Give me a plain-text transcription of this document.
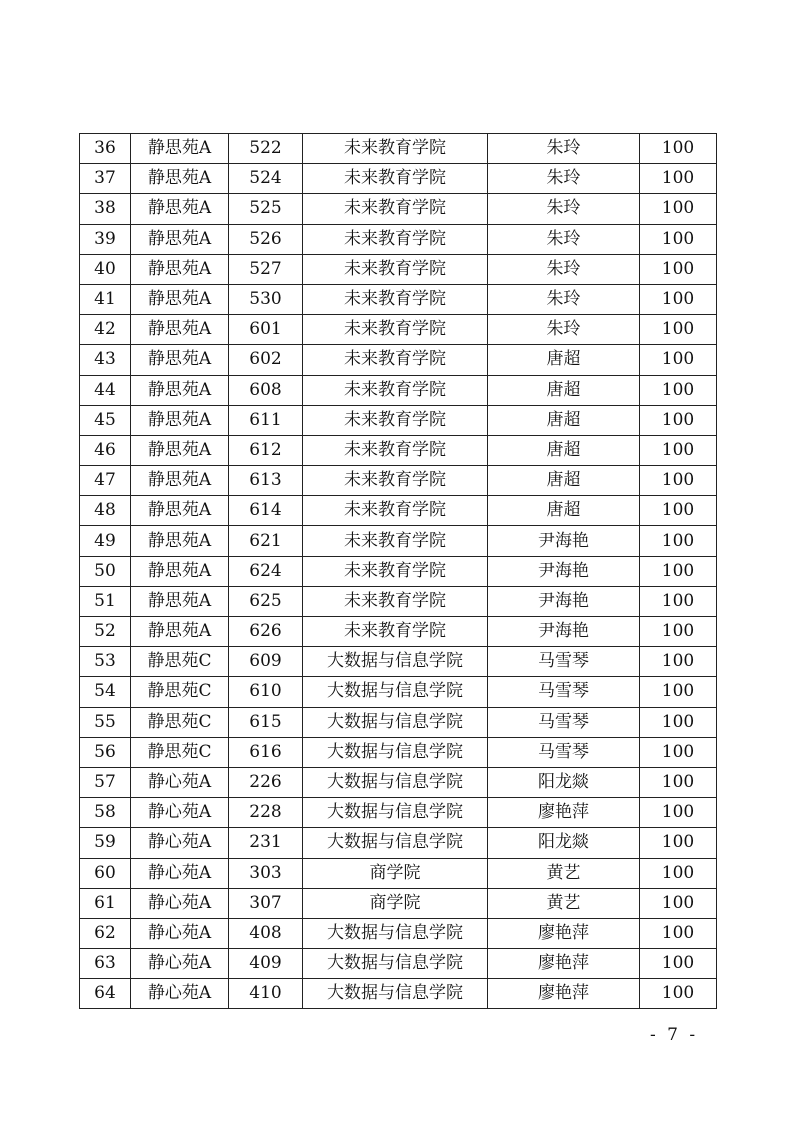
36	静思苑A	522	未来教育学院	朱玲	100
37	静思苑A	524	未来教育学院	朱玲	100
38	静思苑A	525	未来教育学院	朱玲	100
39	静思苑A	526	未来教育学院	朱玲	100
40	静思苑A	527	未来教育学院	朱玲	100
41	静思苑A	530	未来教育学院	朱玲	100
42	静思苑A	601	未来教育学院	朱玲	100
43	静思苑A	602	未来教育学院	唐超	100
44	静思苑A	608	未来教育学院	唐超	100
45	静思苑A	611	未来教育学院	唐超	100
46	静思苑A	612	未来教育学院	唐超	100
47	静思苑A	613	未来教育学院	唐超	100
48	静思苑A	614	未来教育学院	唐超	100
49	静思苑A	621	未来教育学院	尹海艳	100
50	静思苑A	624	未来教育学院	尹海艳	100
51	静思苑A	625	未来教育学院	尹海艳	100
52	静思苑A	626	未来教育学院	尹海艳	100
53	静思苑C	609	大数据与信息学院	马雪琴	100
54	静思苑C	610	大数据与信息学院	马雪琴	100
55	静思苑C	615	大数据与信息学院	马雪琴	100
56	静思苑C	616	大数据与信息学院	马雪琴	100
57	静心苑A	226	大数据与信息学院	阳龙燚	100
58	静心苑A	228	大数据与信息学院	廖艳萍	100
59	静心苑A	231	大数据与信息学院	阳龙燚	100
60	静心苑A	303	商学院	黄艺	100
61	静心苑A	307	商学院	黄艺	100
62	静心苑A	408	大数据与信息学院	廖艳萍	100
63	静心苑A	409	大数据与信息学院	廖艳萍	100
64	静心苑A	410	大数据与信息学院	廖艳萍	100
- 7 -
